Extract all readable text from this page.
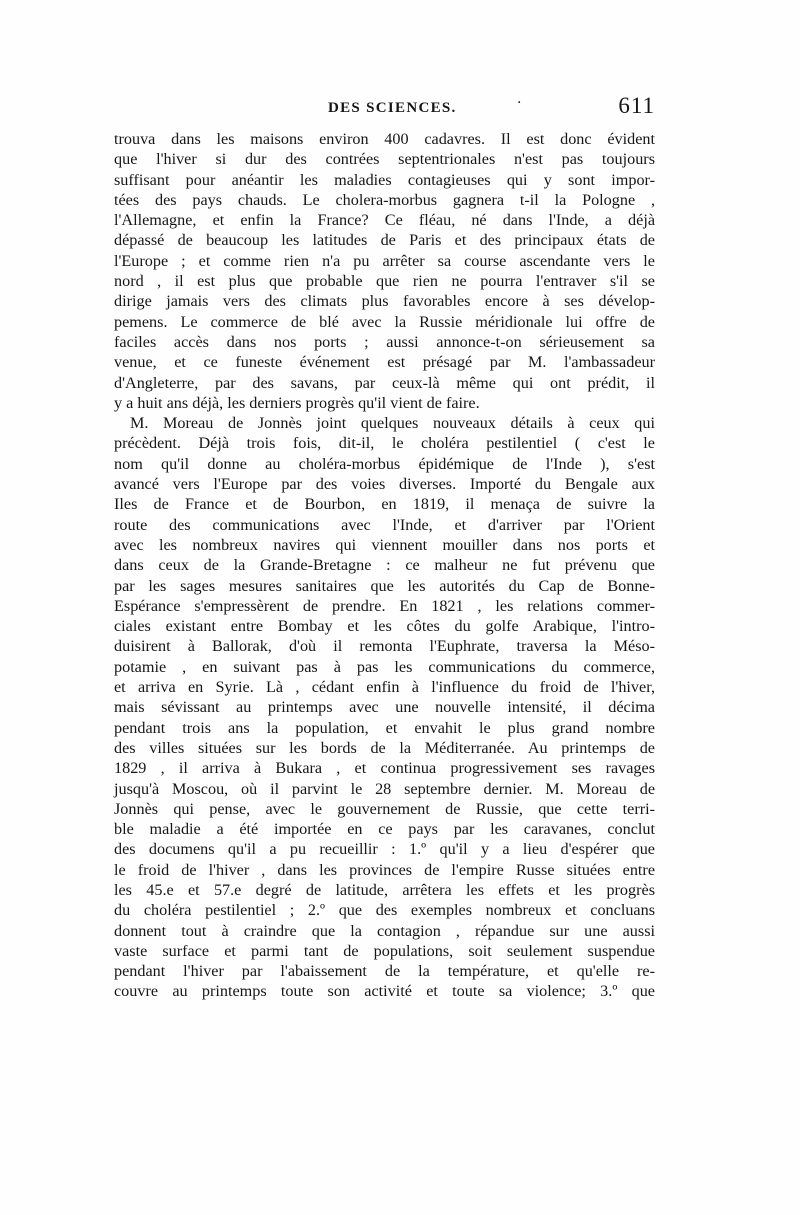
DES SCIENCES.	·	611
trouva dans les maisons environ 400 cadavres. Il est donc évident
que l'hiver si dur des contrées septentrionales n'est pas toujours
suffisant pour anéantir les maladies contagieuses qui y sont impor-
tées des pays chauds. Le cholera-morbus gagnera t-il la Pologne ,
l'Allemagne, et enfin la France? Ce fléau, né dans l'Inde, a déjà
dépassé de beaucoup les latitudes de Paris et des principaux états de
l'Europe ; et comme rien n'a pu arrêter sa course ascendante vers le
nord , il est plus que probable que rien ne pourra l'entraver s'il se
dirige jamais vers des climats plus favorables encore à ses dévelop-
pemens. Le commerce de blé avec la Russie méridionale lui offre de
faciles accès dans nos ports ; aussi annonce-t-on sérieusement sa
venue, et ce funeste événement est présagé par M. l'ambassadeur
d'Angleterre, par des savans, par ceux-là même qui ont prédit, il
y a huit ans déjà, les derniers progrès qu'il vient de faire.
M. Moreau de Jonnès joint quelques nouveaux détails à ceux qui
précèdent. Déjà trois fois, dit-il, le choléra pestilentiel ( c'est le
nom qu'il donne au choléra-morbus épidémique de l'Inde ), s'est
avancé vers l'Europe par des voies diverses. Importé du Bengale aux
Iles de France et de Bourbon, en 1819, il menaça de suivre la
route des communications avec l'Inde, et d'arriver par l'Orient
avec les nombreux navires qui viennent mouiller dans nos ports et
dans ceux de la Grande-Bretagne : ce malheur ne fut prévenu que
par les sages mesures sanitaires que les autorités du Cap de Bonne-
Espérance s'empressèrent de prendre. En 1821 , les relations commer-
ciales existant entre Bombay et les côtes du golfe Arabique, l'intro-
duisirent à Ballorak, d'où il remonta l'Euphrate, traversa la Méso-
potamie , en suivant pas à pas les communications du commerce,
et arriva en Syrie. Là , cédant enfin à l'influence du froid de l'hiver,
mais sévissant au printemps avec une nouvelle intensité, il décima
pendant trois ans la population, et envahit le plus grand nombre
des villes situées sur les bords de la Méditerranée. Au printemps de
1829 , il arriva à Bukara , et continua progressivement ses ravages
jusqu'à Moscou, où il parvint le 28 septembre dernier. M. Moreau de
Jonnès qui pense, avec le gouvernement de Russie, que cette terri-
ble maladie a été importée en ce pays par les caravanes, conclut
des documens qu'il a pu recueillir : 1.º qu'il y a lieu d'espérer que
le froid de l'hiver , dans les provinces de l'empire Russe situées entre
les 45.e et 57.e degré de latitude, arrêtera les effets et les progrès
du choléra pestilentiel ; 2.º que des exemples nombreux et concluans
donnent tout à craindre que la contagion , répandue sur une aussi
vaste surface et parmi tant de populations, soit seulement suspendue
pendant l'hiver par l'abaissement de la température, et qu'elle re-
couvre au printemps toute son activité et toute sa violence; 3.º que
